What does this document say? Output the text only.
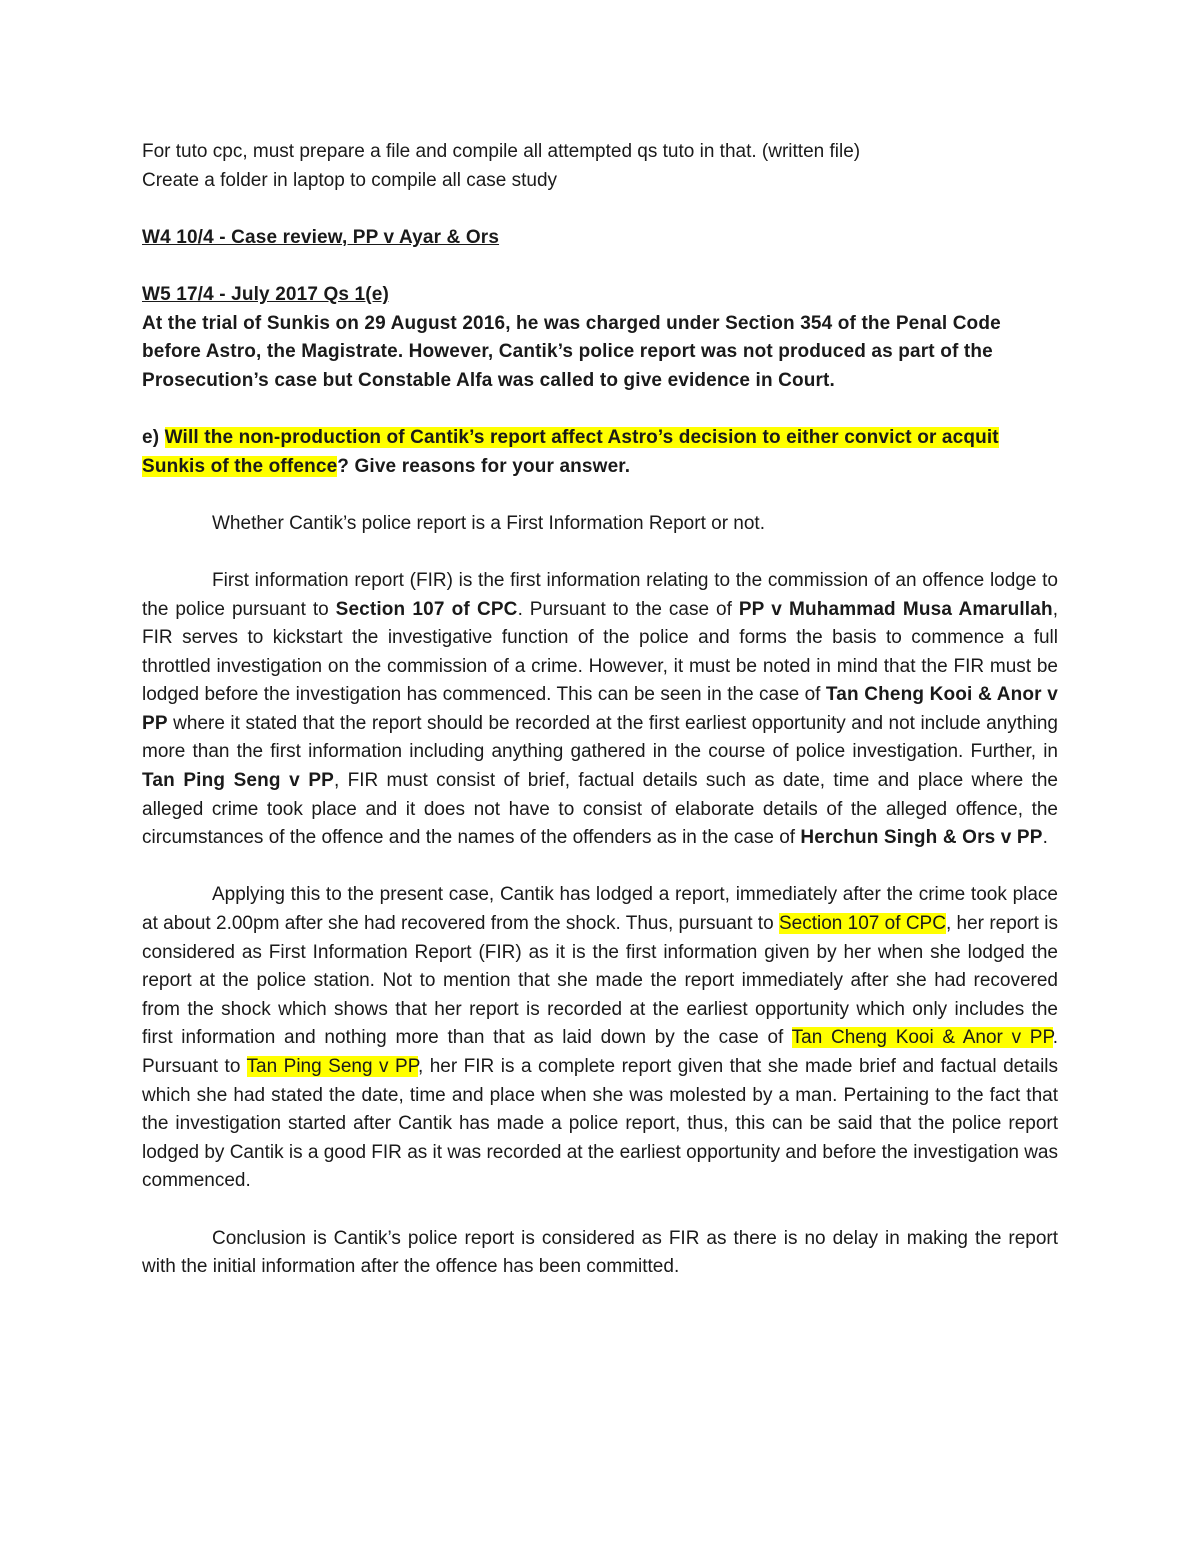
For tuto cpc, must prepare a file and compile all attempted qs tuto in that. (written file)

Create a folder in laptop to compile all case study

W4 10/4 - Case review, PP v Ayar & Ors

W5 17/4 - July 2017 Qs 1(e)

At the trial of Sunkis on 29 August 2016, he was charged under Section 354 of the Penal Code before Astro, the Magistrate. However, Cantik’s police report was not produced as part of the Prosecution’s case but Constable Alfa was called to give evidence in Court.

e) Will the non-production of Cantik’s report affect Astro’s decision to either convict or acquit Sunkis of the offence? Give reasons for your answer.

Whether Cantik’s police report is a First Information Report or not.

First information report (FIR) is the first information relating to the commission of an offence lodge to the police pursuant to Section 107 of CPC. Pursuant to the case of PP v Muhammad Musa Amarullah, FIR serves to kickstart the investigative function of the police and forms the basis to commence a full throttled investigation on the commission of a crime. However, it must be noted in mind that the FIR must be lodged before the investigation has commenced. This can be seen in the case of Tan Cheng Kooi & Anor v PP where it stated that the report should be recorded at the first earliest opportunity and not include anything more than the first information including anything gathered in the course of police investigation. Further, in Tan Ping Seng v PP, FIR must consist of brief, factual details such as date, time and place where the alleged crime took place and it does not have to consist of elaborate details of the alleged offence, the circumstances of the offence and the names of the offenders as in the case of Herchun Singh & Ors v PP.

Applying this to the present case, Cantik has lodged a report, immediately after the crime took place at about 2.00pm after she had recovered from the shock. Thus, pursuant to Section 107 of CPC, her report is considered as First Information Report (FIR) as it is the first information given by her when she lodged the report at the police station. Not to mention that she made the report immediately after she had recovered from the shock which shows that her report is recorded at the earliest opportunity which only includes the first information and nothing more than that as laid down by the case of Tan Cheng Kooi & Anor v PP. Pursuant to Tan Ping Seng v PP, her FIR is a complete report given that she made brief and factual details which she had stated the date, time and place when she was molested by a man. Pertaining to the fact that the investigation started after Cantik has made a police report, thus, this can be said that the police report lodged by Cantik is a good FIR as it was recorded at the earliest opportunity and before the investigation was commenced.

Conclusion is Cantik’s police report is considered as FIR as there is no delay in making the report with the initial information after the offence has been committed.
